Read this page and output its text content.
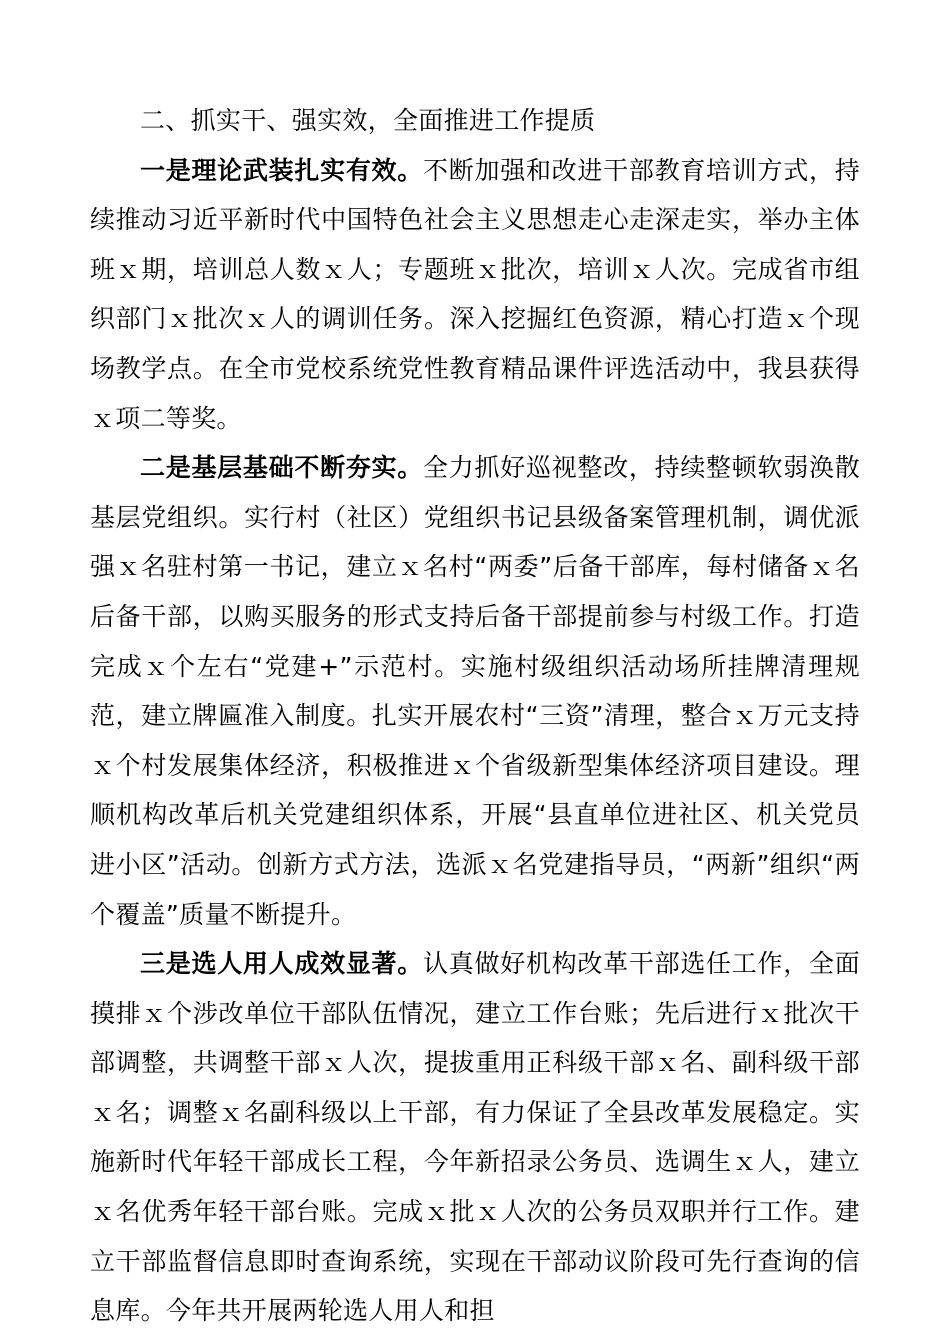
二、抓实干、强实效，全面推进工作提质

一是理论武装扎实有效。不断加强和改进干部教育培训方式，持续推动习近平新时代中国特色社会主义思想走心走深走实，举办主体班ｘ期，培训总人数ｘ人；专题班ｘ批次，培训ｘ人次。完成省市组织部门ｘ批次ｘ人的调训任务。深入挖掘红色资源，精心打造ｘ个现场教学点。在全市党校系统党性教育精品课件评选活动中，我县获得ｘ项二等奖。

二是基层基础不断夯实。全力抓好巡视整改，持续整顿软弱涣散基层党组织。实行村（社区）党组织书记县级备案管理机制，调优派强ｘ名驻村第一书记，建立ｘ名村“两委”后备干部库，每村储备ｘ名后备干部，以购买服务的形式支持后备干部提前参与村级工作。打造完成ｘ个左右“党建+”示范村。实施村级组织活动场所挂牌清理规范，建立牌匾准入制度。扎实开展农村“三资”清理，整合ｘ万元支持ｘ个村发展集体经济，积极推进ｘ个省级新型集体经济项目建设。理顺机构改革后机关党建组织体系，开展“县直单位进社区、机关党员进小区”活动。创新方式方法，选派ｘ名党建指导员，“两新”组织“两个覆盖”质量不断提升。

三是选人用人成效显著。认真做好机构改革干部选任工作，全面摸排ｘ个涉改单位干部队伍情况，建立工作台账；先后进行ｘ批次干部调整，共调整干部ｘ人次，提拔重用正科级干部ｘ名、副科级干部ｘ名；调整ｘ名副科级以上干部，有力保证了全县改革发展稳定。实施新时代年轻干部成长工程，今年新招录公务员、选调生ｘ人，建立ｘ名优秀年轻干部台账。完成ｘ批ｘ人次的公务员双职并行工作。建立干部监督信息即时查询系统，实现在干部动议阶段可先行查询的信息库。今年共开展两轮选人用人和担
